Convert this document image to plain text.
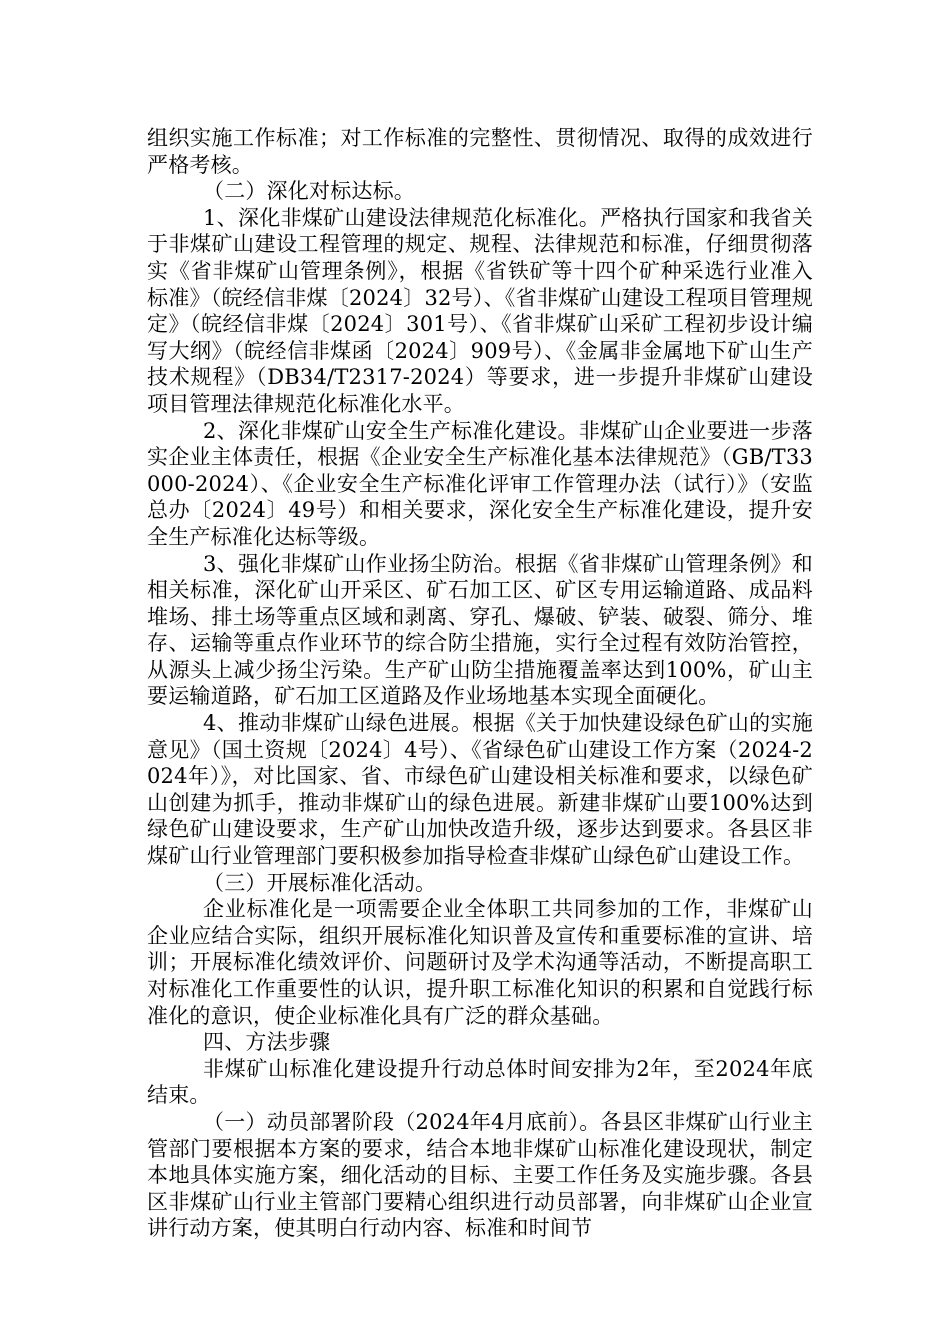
组织实施工作标准；对工作标准的完整性、贯彻情况、取得的成效进行严格考核。

（二）深化对标达标。

1、深化非煤矿山建设法律规范化标准化。严格执行国家和我省关于非煤矿山建设工程管理的规定、规程、法律规范和标准，仔细贯彻落实《省非煤矿山管理条例》，根据《省铁矿等十四个矿种采选行业准入标准》（皖经信非煤〔2024〕32号）、《省非煤矿山建设工程项目管理规定》（皖经信非煤〔2024〕301号）、《省非煤矿山采矿工程初步设计编写大纲》（皖经信非煤函〔2024〕909号）、《金属非金属地下矿山生产技术规程》（DB34/T2317-2024）等要求，进一步提升非煤矿山建设项目管理法律规范化标准化水平。

2、深化非煤矿山安全生产标准化建设。非煤矿山企业要进一步落实企业主体责任，根据《企业安全生产标准化基本法律规范》（GB/T33000-2024）、《企业安全生产标准化评审工作管理办法（试行）》（安监总办〔2024〕49号）和相关要求，深化安全生产标准化建设，提升安全生产标准化达标等级。

3、强化非煤矿山作业扬尘防治。根据《省非煤矿山管理条例》和相关标准，深化矿山开采区、矿石加工区、矿区专用运输道路、成品料堆场、排土场等重点区域和剥离、穿孔、爆破、铲装、破裂、筛分、堆存、运输等重点作业环节的综合防尘措施，实行全过程有效防治管控，从源头上减少扬尘污染。生产矿山防尘措施覆盖率达到100%，矿山主要运输道路，矿石加工区道路及作业场地基本实现全面硬化。

4、推动非煤矿山绿色进展。根据《关于加快建设绿色矿山的实施意见》（国土资规〔2024〕4号）、《省绿色矿山建设工作方案（2024-2024年）》，对比国家、省、市绿色矿山建设相关标准和要求，以绿色矿山创建为抓手，推动非煤矿山的绿色进展。新建非煤矿山要100%达到绿色矿山建设要求，生产矿山加快改造升级，逐步达到要求。各县区非煤矿山行业管理部门要积极参加指导检查非煤矿山绿色矿山建设工作。

（三）开展标准化活动。

企业标准化是一项需要企业全体职工共同参加的工作，非煤矿山企业应结合实际，组织开展标准化知识普及宣传和重要标准的宣讲、培训；开展标准化绩效评价、问题研讨及学术沟通等活动，不断提高职工对标准化工作重要性的认识，提升职工标准化知识的积累和自觉践行标准化的意识，使企业标准化具有广泛的群众基础。

四、方法步骤

非煤矿山标准化建设提升行动总体时间安排为2年，至2024年底结束。

（一）动员部署阶段（2024年4月底前）。各县区非煤矿山行业主管部门要根据本方案的要求，结合本地非煤矿山标准化建设现状，制定本地具体实施方案，细化活动的目标、主要工作任务及实施步骤。各县区非煤矿山行业主管部门要精心组织进行动员部署，向非煤矿山企业宣讲行动方案，使其明白行动内容、标准和时间节
